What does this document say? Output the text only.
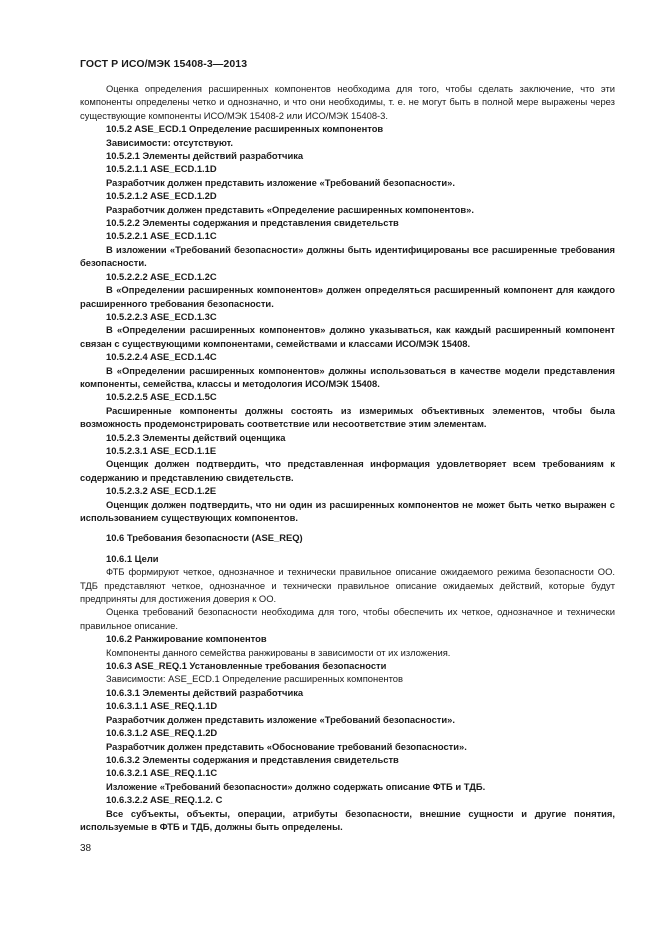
ГОСТ Р ИСО/МЭК 15408-3—2013
Оценка определения расширенных компонентов необходима для того, чтобы сделать заключение, что эти компоненты определены четко и однозначно, и что они необходимы, т. е. не могут быть в полной мере выражены через существующие компоненты ИСО/МЭК 15408-2 или ИСО/МЭК 15408-3.
10.5.2 ASE_ECD.1 Определение расширенных компонентов
Зависимости: отсутствуют.
10.5.2.1 Элементы действий разработчика
10.5.2.1.1 ASE_ECD.1.1D
Разработчик должен представить изложение «Требований безопасности».
10.5.2.1.2 ASE_ECD.1.2D
Разработчик должен представить «Определение расширенных компонентов».
10.5.2.2 Элементы содержания и представления свидетельств
10.5.2.2.1 ASE_ECD.1.1C
В изложении «Требований безопасности» должны быть идентифицированы все расширенные требования безопасности.
10.5.2.2.2 ASE_ECD.1.2C
В «Определении расширенных компонентов» должен определяться расширенный компонент для каждого расширенного требования безопасности.
10.5.2.2.3 ASE_ECD.1.3C
В «Определении расширенных компонентов» должно указываться, как каждый расширенный компонент связан с существующими компонентами, семействами и классами ИСО/МЭК 15408.
10.5.2.2.4 ASE_ECD.1.4C
В «Определении расширенных компонентов» должны использоваться в качестве модели представления компоненты, семейства, классы и методология ИСО/МЭК 15408.
10.5.2.2.5 ASE_ECD.1.5C
Расширенные компоненты должны состоять из измеримых объективных элементов, чтобы была возможность продемонстрировать соответствие или несоответствие этим элементам.
10.5.2.3 Элементы действий оценщика
10.5.2.3.1 ASE_ECD.1.1E
Оценщик должен подтвердить, что представленная информация удовлетворяет всем требованиям к содержанию и представлению свидетельств.
10.5.2.3.2 ASE_ECD.1.2E
Оценщик должен подтвердить, что ни один из расширенных компонентов не может быть четко выражен с использованием существующих компонентов.
10.6 Требования безопасности (ASE_REQ)
10.6.1 Цели
ФТБ формируют четкое, однозначное и технически правильное описание ожидаемого режима безопасности ОО. ТДБ представляют четкое, однозначное и технически правильное описание ожидаемых действий, которые будут предприняты для достижения доверия к ОО.
Оценка требований безопасности необходима для того, чтобы обеспечить их четкое, однозначное и технически правильное описание.
10.6.2 Ранжирование компонентов
Компоненты данного семейства ранжированы в зависимости от их изложения.
10.6.3 ASE_REQ.1 Установленные требования безопасности
Зависимости: ASE_ECD.1 Определение расширенных компонентов
10.6.3.1 Элементы действий разработчика
10.6.3.1.1 ASE_REQ.1.1D
Разработчик должен представить изложение «Требований безопасности».
10.6.3.1.2 ASE_REQ.1.2D
Разработчик должен представить «Обоснование требований безопасности».
10.6.3.2 Элементы содержания и представления свидетельств
10.6.3.2.1 ASE_REQ.1.1C
Изложение «Требований безопасности» должно содержать описание ФТБ и ТДБ.
10.6.3.2.2 ASE_REQ.1.2. C
Все субъекты, объекты, операции, атрибуты безопасности, внешние сущности и другие понятия, используемые в ФТБ и ТДБ, должны быть определены.
38
